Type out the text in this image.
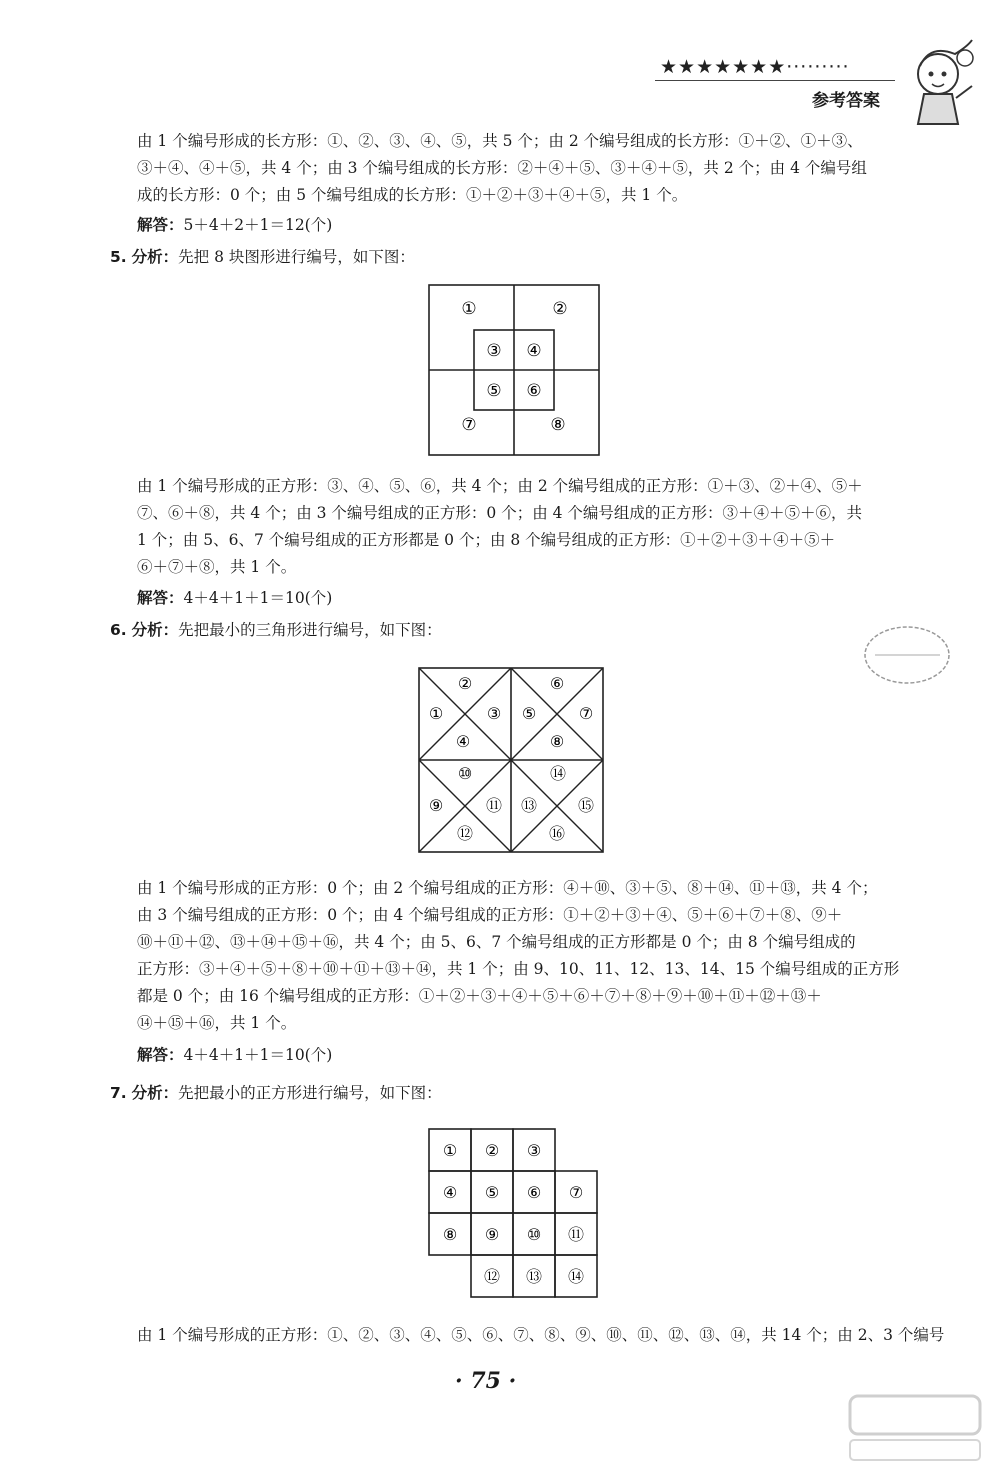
★★★★★★★·········
参考答案
由 1 个编号形成的长方形：①、②、③、④、⑤，共 5 个；由 2 个编号组成的长方形：①＋②、①＋③、
③＋④、④＋⑤，共 4 个；由 3 个编号组成的长方形：②＋④＋⑤、③＋④＋⑤，共 2 个；由 4 个编号组
成的长方形：0 个；由 5 个编号组成的长方形：①＋②＋③＋④＋⑤，共 1 个。
解答：5＋4＋2＋1＝12(个)
5. 分析：先把 8 块图形进行编号，如下图：
①	②
③ ④
⑤ ⑥
⑦	⑧
由 1 个编号形成的正方形：③、④、⑤、⑥，共 4 个；由 2 个编号组成的正方形：①＋③、②＋④、⑤＋
⑦、⑥＋⑧，共 4 个；由 3 个编号组成的正方形：0 个；由 4 个编号组成的正方形：③＋④＋⑤＋⑥，共
1 个；由 5、6、7 个编号组成的正方形都是 0 个；由 8 个编号组成的正方形：①＋②＋③＋④＋⑤＋
⑥＋⑦＋⑧，共 1 个。
解答：4＋4＋1＋1＝10(个)
6. 分析：先把最小的三角形进行编号，如下图：
①
②
③
④
⑤
⑥
⑦
⑧
⑨
⑩
⑪
⑫
⑬
⑭
⑮
⑯
由 1 个编号形成的正方形：0 个；由 2 个编号组成的正方形：④＋⑩、③＋⑤、⑧＋⑭、⑪＋⑬，共 4 个；
由 3 个编号组成的正方形：0 个；由 4 个编号组成的正方形：①＋②＋③＋④、⑤＋⑥＋⑦＋⑧、⑨＋
⑩＋⑪＋⑫、⑬＋⑭＋⑮＋⑯，共 4 个；由 5、6、7 个编号组成的正方形都是 0 个；由 8 个编号组成的
正方形：③＋④＋⑤＋⑧＋⑩＋⑪＋⑬＋⑭，共 1 个；由 9、10、11、12、13、14、15 个编号组成的正方形
都是 0 个；由 16 个编号组成的正方形：①＋②＋③＋④＋⑤＋⑥＋⑦＋⑧＋⑨＋⑩＋⑪＋⑫＋⑬＋
⑭＋⑮＋⑯，共 1 个。
解答：4＋4＋1＋1＝10(个)
7. 分析：先把最小的正方形进行编号，如下图：
① ② ③
④ ⑤ ⑥ ⑦
⑧ ⑨ ⑩ ⑪
⑫ ⑬ ⑭
由 1 个编号形成的正方形：①、②、③、④、⑤、⑥、⑦、⑧、⑨、⑩、⑪、⑫、⑬、⑭，共 14 个；由 2、3 个编号
· 75 ·
